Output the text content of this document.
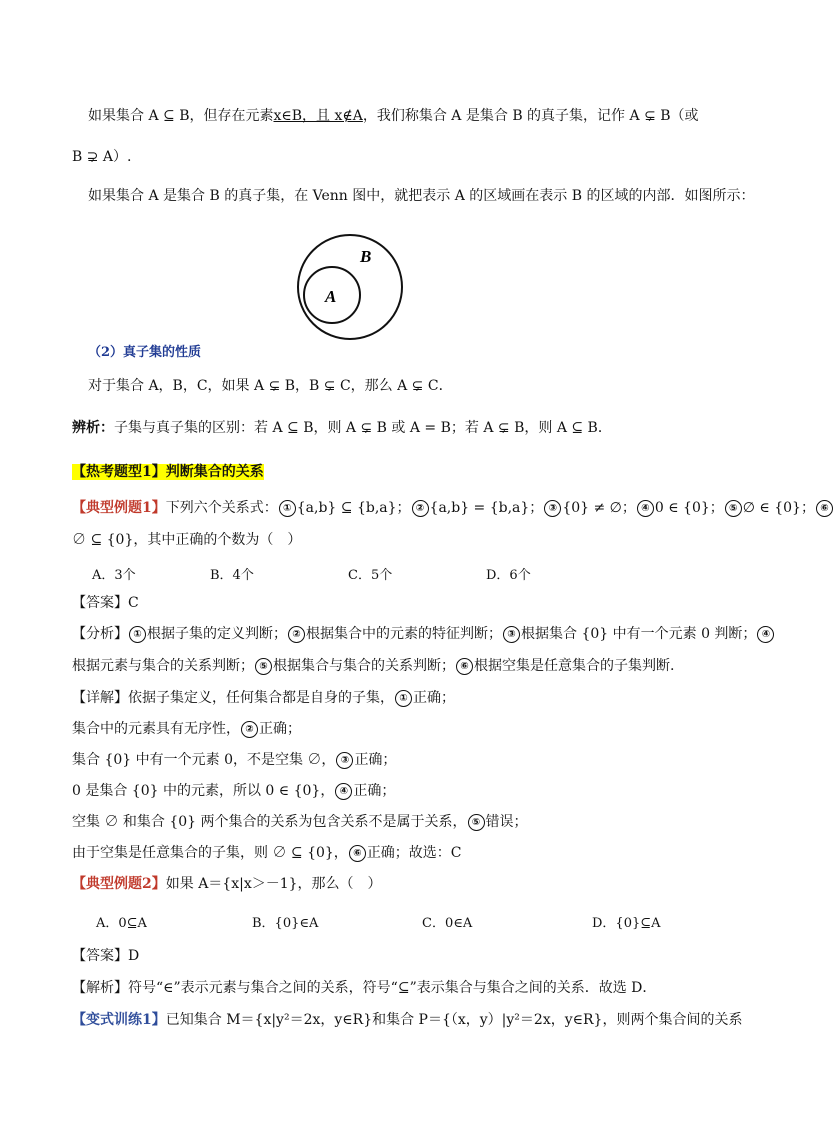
如果集合 A ⊆ B，但存在元素x∈B，且 x∉A，我们称集合 A 是集合 B 的真子集，记作 A ⊊ B（或
B ⊋ A）.
如果集合 A 是集合 B 的真子集，在 Venn 图中，就把表示 A 的区域画在表示 B 的区域的内部．如图所示：
B
A
（2）真子集的性质
对于集合 A，B，C，如果 A ⊊ B，B ⊊ C，那么 A ⊊ C．
辨析：子集与真子集的区别：若 A ⊆ B，则 A ⊊ B 或 A = B；若 A ⊊ B，则 A ⊆ B．
【热考题型1】判断集合的关系
【典型例题1】下列六个关系式： ① {a,b} ⊆ {b,a}； ② {a,b} = {b,a}； ③ {0} ≠ ∅； ④ 0 ∈ {0}； ⑤ ∅ ∈ {0}； ⑥
∅ ⊆ {0}，其中正确的个数为（　）
A．3个	B．4个	C．5个	D．6个
【答案】C
【分析】 ① 根据子集的定义判断； ② 根据集合中的元素的特征判断； ③ 根据集合 {0} 中有一个元素 0 判断； ④
根据元素与集合的关系判断； ⑤ 根据集合与集合的关系判断； ⑥ 根据空集是任意集合的子集判断.
【详解】依据子集定义，任何集合都是自身的子集， ① 正确；
集合中的元素具有无序性， ② 正确；
集合 {0} 中有一个元素 0，不是空集 ∅， ③ 正确；
0 是集合 {0} 中的元素，所以 0 ∈ {0}， ④ 正确；
空集 ∅ 和集合 {0} 两个集合的关系为包含关系不是属于关系， ⑤ 错误；
由于空集是任意集合的子集，则 ∅ ⊆ {0}， ⑥ 正确；故选：C
【典型例题2】如果 A＝{x|x＞－1}，那么（　）
A．0⊆A	B．{0}∈A	C．0∈A	D．{0}⊆A
【答案】D
【解析】符号“∈”表示元素与集合之间的关系，符号“⊆”表示集合与集合之间的关系．故选 D．
【变式训练1】已知集合 M＝{x|y²＝2x，y∈R}和集合 P＝{（x，y）|y²＝2x，y∈R}，则两个集合间的关系
